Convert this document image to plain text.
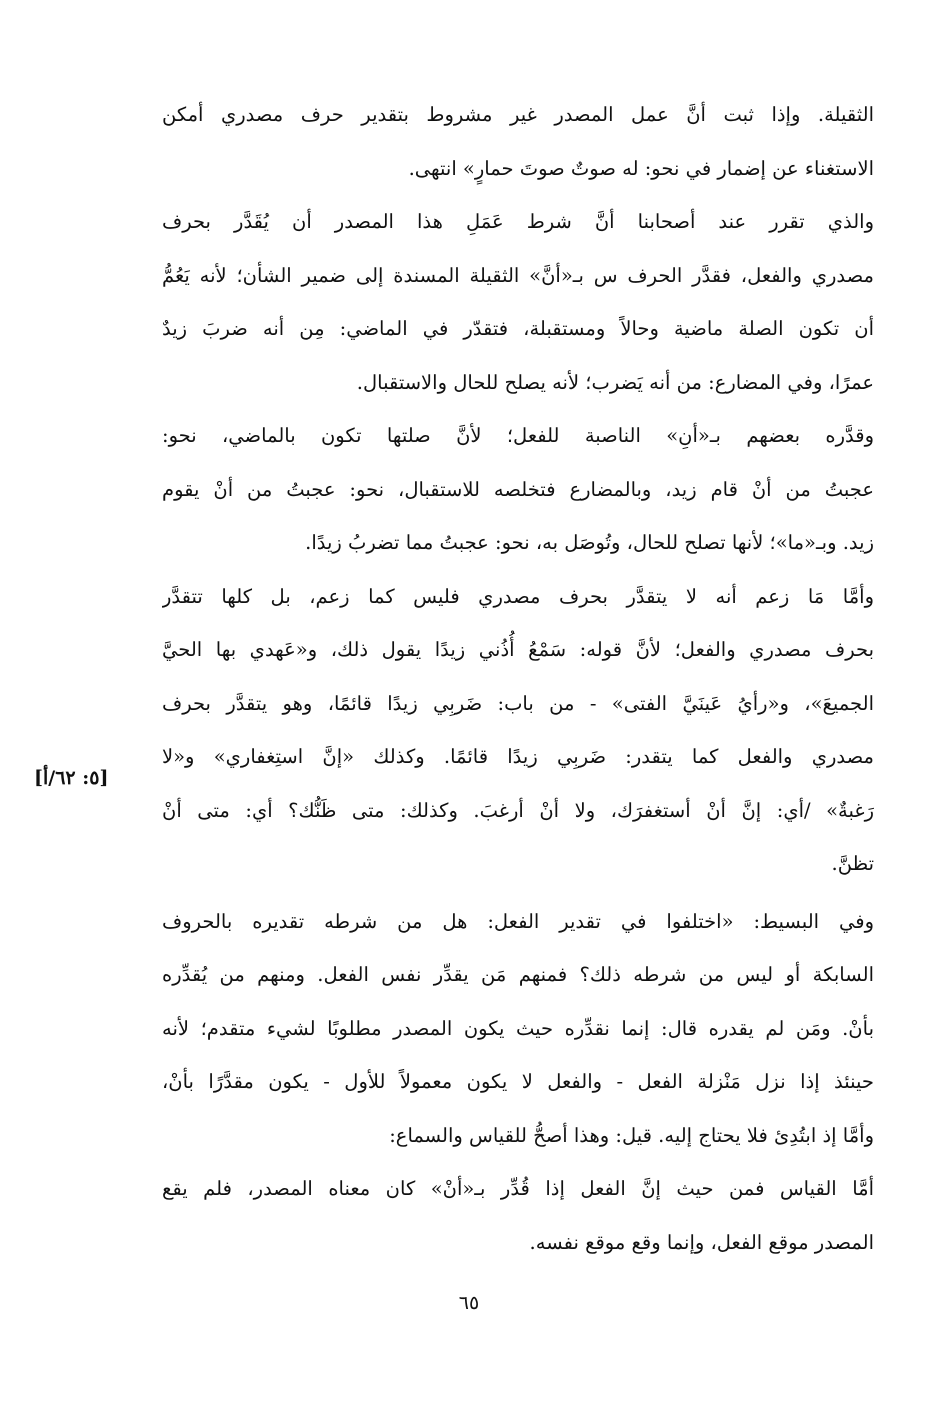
الثقيلة. وإذا ثبت أنَّ عمل المصدر غير مشروط بتقدير حرف مصدري أمكن
الاستغناء عن إضمار في نحو: له صوتٌ صوتَ حمارٍ» انتهى.
والذي تقرر عند أصحابنا أنَّ شرط عَمَلِ هذا المصدر أن يُقَدَّر بحرف
مصدري والفعل، فقدَّر الحرف س بـ«أنَّ» الثقيلة المسندة إلى ضمير الشأن؛ لأنه يَعُمُّ
أن تكون الصلة ماضية وحالاً ومستقبلة، فتقدّر في الماضي: مِن أنه ضربَ زيدٌ
عمرًا، وفي المضارع: من أنه يَضرب؛ لأنه يصلح للحال والاستقبال.
وقدَّره بعضهم بـ«أنِ» الناصبة للفعل؛ لأنَّ صلتها تكون بالماضي، نحو:
عجبتُ من أنْ قام زيد، وبالمضارع فتخلصه للاستقبال، نحو: عجبتُ من أنْ يقوم
زيد. وبـ«ما»؛ لأنها تصلح للحال، وتُوصَل به، نحو: عجبتُ مما تضربُ زيدًا.
وأمَّا مَا زعم أنه لا يتقدَّر بحرف مصدري فليس كما زعم، بل كلها تتقدَّر
بحرف مصدري والفعل؛ لأنَّ قوله: سَمْعُ أُذُني زيدًا يقول ذلك، و«عَهدي بها الحيَّ
الجميعَ»، و«رأيُ عَينَيَّ الفتى» - من باب: ضَربِي زيدًا قائمًا، وهو يتقدَّر بحرف
مصدري والفعل كما يتقدر: ضَربِي زيدًا قائمًا. وكذلك «إنَّ استِغفاري» و«لا
رَغبةٌ» /أي: إنَّ أنْ أستغفرَك، ولا أنْ أرغبَ. وكذلك: متى ظَنُّك؟ أي: متى أنْ
تظنَّ.
وفي البسيط: «اختلفوا في تقدير الفعل: هل من شرطه تقديره بالحروف
السابكة أو ليس من شرطه ذلك؟ فمنهم مَن يقدِّر نفس الفعل. ومنهم من يُقدِّره
بأنْ. ومَن لم يقدره قال: إنما نقدِّره حيث يكون المصدر مطلوبًا لشيء متقدم؛ لأنه
حينئذ إذا نزل مَنْزلة الفعل - والفعل لا يكون معمولاً للأول - يكون مقدَّرًا بأنْ،
وأمَّا إذ ابتُدِئ فلا يحتاج إليه. قيل: وهذا أصحُّ للقياس والسماع:
أمَّا القياس فمن حيث إنَّ الفعل إذا قُدِّر بـ«أنْ» كان معناه المصدر، فلم يقع
المصدر موقع الفعل، وإنما وقع موقع نفسه.
[٥: ٦٢/أ]
٦٥
